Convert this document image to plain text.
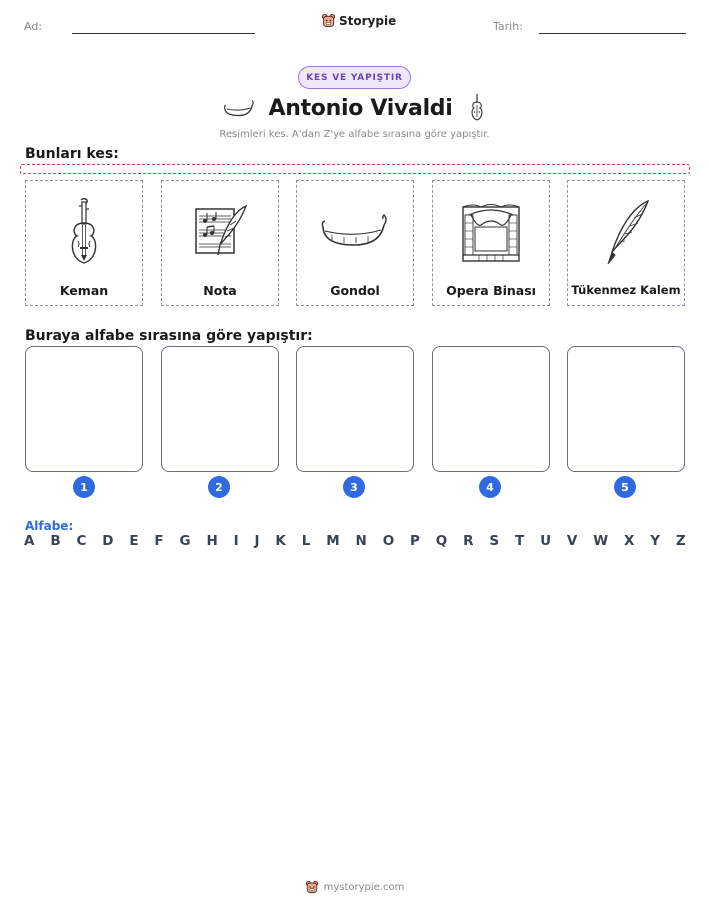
Ad:	Storypie	Tarih:
KES VE YAPIŞTIR
Antonio Vivaldi
Resimleri kes. A'dan Z'ye alfabe sırasına göre yapıştır.
Bunları kes:
Keman	Nota	Gondol	Opera Binası	Tükenmez Kalem
Buraya alfabe sırasına göre yapıştır:
1	2	3	4	5
Alfabe:
A B C D E F G H I J K L M N O P Q R S T U V W X Y Z
mystorypie.com
